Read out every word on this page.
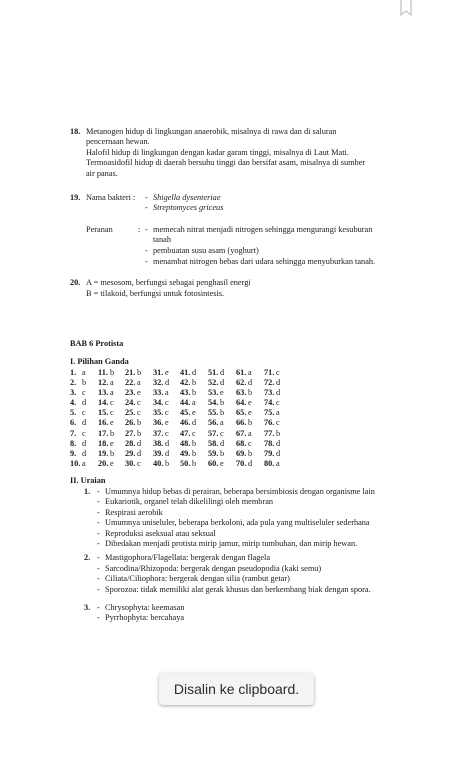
18. Metanogen hidup di lingkungan anaerobik, misalnya di rawa dan di saluran
pencernaan hewan.
Halofil hidup di lingkungan dengan kadar garam tinggi, misalnya di Laut Mati.
Termoasidofil hidup di daerah bersuhu tinggi dan bersifat asam, misalnya di sumber
air panas.
19. Nama bakteri : - Shigella dysenteriae
- Streptomyces griceus
Peranan	: - memecah nitrat menjadi nitrogen sehingga mengurangi kesuburan
tanah
- pembuatan susu asam (yoghurt)
- menambat nitrogen bebas dari udara sehingga menyuburkan tanah.
20. A = mesosom, berfungsi sebagai penghasil energi
B = tilakoid, berfungsi untuk fotosintesis.
BAB 6 Protista
I. Pilihan Ganda
1. a 11. b 21. b 31. e 41. d 51. d 61. a 71. c
2. b 12. a 22. a 32. d 42. b 52. d 62. d 72. d
3. c 13. a 23. e 33. a 43. b 53. e 63. b 73. d
4. d 14. c 24. c 34. c 44. a 54. b 64. e 74. c
5. c 15. c 25. c 35. c 45. e 55. b 65. e 75. a
6. d 16. e 26. b 36. e 46. d 56. a 66. b 76. c
7. c 17. b 27. b 37. c 47. c 57. c 67. a 77. b
8. d 18. e 28. d 38. d 48. b 58. d 68. c 78. d
9. d 19. b 29. d 39. d 49. b 59. b 69. b 79. d
10. a 20. e 30. c 40. b 50. b 60. e 70. d 80. a
II. Uraian
1. - Umumnya hidup bebas di perairan, beberapa bersimbiosis dengan organisme lain
- Eukariotik, organel telah dikelilingi oleh membran
- Respirasi aerobik
- Umumnya uniseluler, beberapa berkoloni, ada pula yang multiseluler sederhana
- Reproduksi aseksual atau seksual
- Dibedakan menjadi protista mirip jamur, mirip tumbuhan, dan mirip hewan.
2. - Mastigophora/Flagellata: bergerak dengan flagela
- Sarcodina/Rhizopoda: bergerak dengan pseudopodia (kaki semu)
- Ciliata/Ciliophora: bergerak dengan silia (rambut getar)
- Sporozoa: tidak memiliki alat gerak khusus dan berkembang biak dengan spora.
3. - Chrysophyta: keemasan
- Pyrrhophyta: bercahaya
Disalin ke clipboard.
